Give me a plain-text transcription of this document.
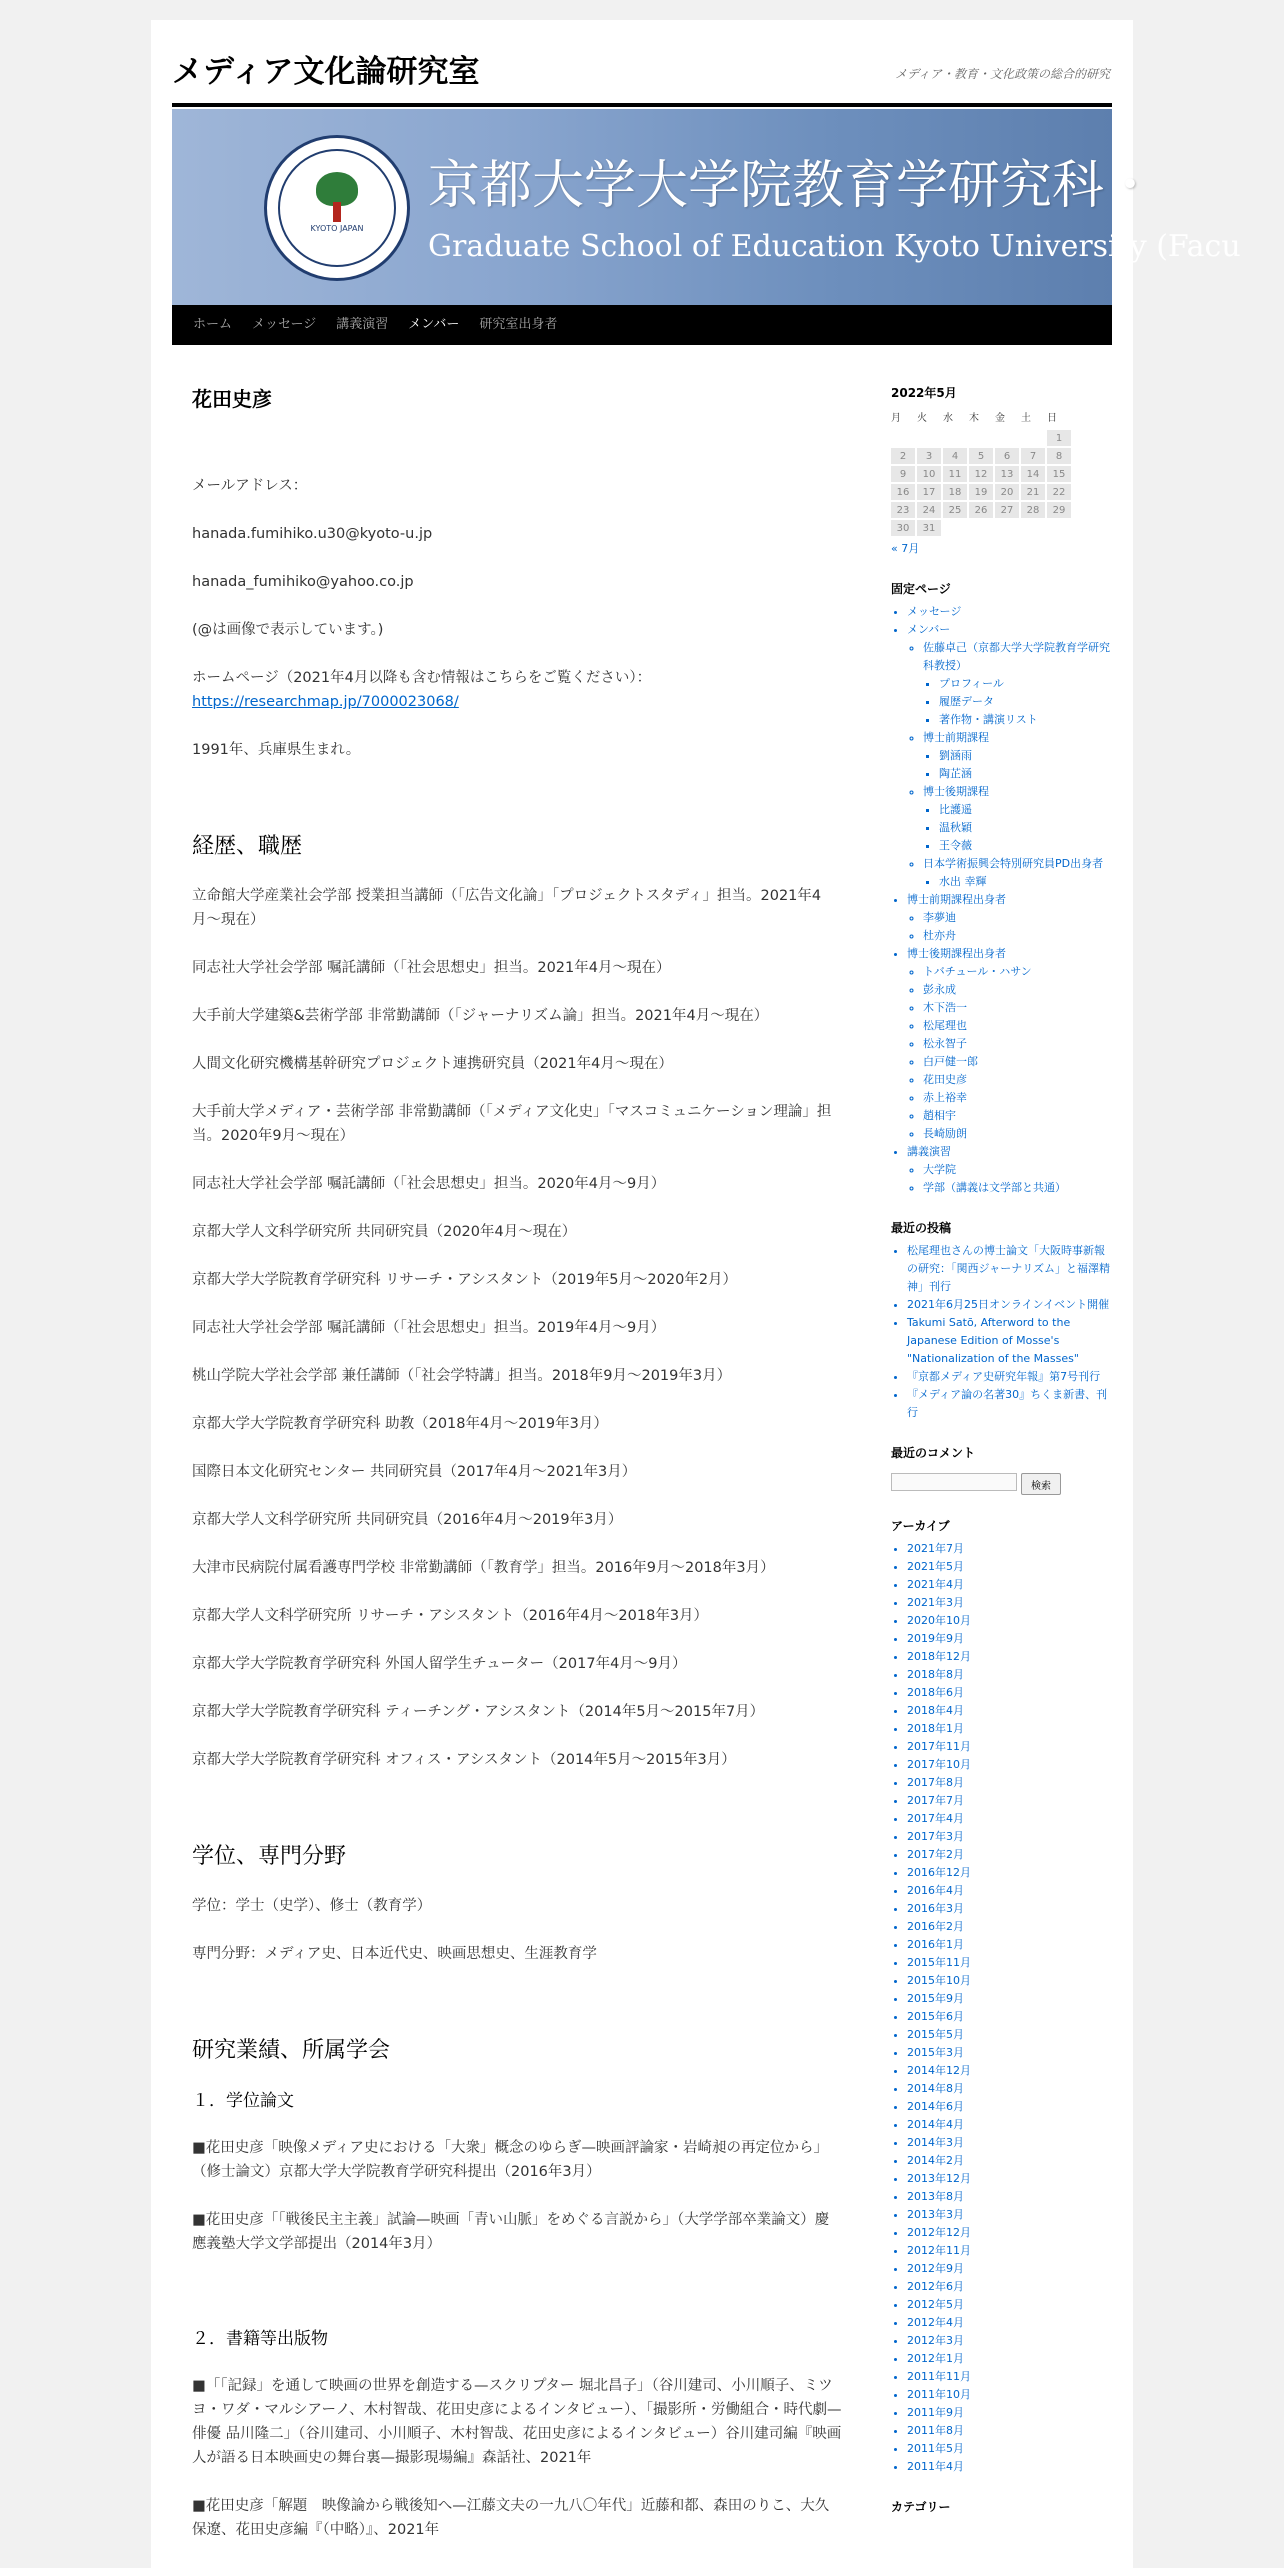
メディア文化論研究室	メディア・教育・文化政策の総合的研究

KYOTO JAPAN
京都大学大学院教育学研究科・
Graduate School of Education Kyoto University (Facu
ホーム	メッセージ	講義演習	メンバー	研究室出身者
花田史彦

メールアドレス：

hanada.fumihiko.u30@kyoto-u.jp

hanada_fumihiko@yahoo.co.jp

(@は画像で表示しています。)

ホームページ（2021年4月以降も含む情報はこちらをご覧ください）：
https://researchmap.jp/7000023068/

1991年、兵庫県生まれ。

経歴、職歴

立命館大学産業社会学部 授業担当講師（「広告文化論」「プロジェクトスタディ」担当。2021年4月〜現在）

同志社大学社会学部 嘱託講師（「社会思想史」担当。2021年4月〜現在）

大手前大学建築&芸術学部 非常勤講師（「ジャーナリズム論」担当。2021年4月〜現在）

人間文化研究機構基幹研究プロジェクト連携研究員（2021年4月〜現在）

大手前大学メディア・芸術学部 非常勤講師（「メディア文化史」「マスコミュニケーション理論」担当。2020年9月〜現在）

同志社大学社会学部 嘱託講師（「社会思想史」担当。2020年4月〜9月）

京都大学人文科学研究所 共同研究員（2020年4月〜現在）

京都大学大学院教育学研究科 リサーチ・アシスタント（2019年5月〜2020年2月）

同志社大学社会学部 嘱託講師（「社会思想史」担当。2019年4月〜9月）

桃山学院大学社会学部 兼任講師（「社会学特講」担当。2018年9月〜2019年3月）

京都大学大学院教育学研究科 助教（2018年4月〜2019年3月）

国際日本文化研究センター 共同研究員（2017年4月〜2021年3月）

京都大学人文科学研究所 共同研究員（2016年4月〜2019年3月）

大津市民病院付属看護専門学校 非常勤講師（「教育学」担当。2016年9月〜2018年3月）

京都大学人文科学研究所 リサーチ・アシスタント（2016年4月〜2018年3月）

京都大学大学院教育学研究科 外国人留学生チューター（2017年4月〜9月）

京都大学大学院教育学研究科 ティーチング・アシスタント（2014年5月〜2015年7月）

京都大学大学院教育学研究科 オフィス・アシスタント（2014年5月〜2015年3月）

学位、専門分野

学位：学士（史学）、修士（教育学）

専門分野：メディア史、日本近代史、映画思想史、生涯教育学

研究業績、所属学会
１．学位論文

■花田史彦「映像メディア史における「大衆」概念のゆらぎ—映画評論家・岩崎昶の再定位から」（修士論文）京都大学大学院教育学研究科提出（2016年3月）

■花田史彦「「戦後民主主義」試論—映画「青い山脈」をめぐる言説から」（大学学部卒業論文）慶應義塾大学文学部提出（2014年3月）

２．書籍等出版物

■「「記録」を通して映画の世界を創造する—スクリプター 堀北昌子」（谷川建司、小川順子、ミツヨ・ワダ・マルシアーノ、木村智哉、花田史彦によるインタビュー）、「撮影所・労働組合・時代劇—俳優 品川隆二」（谷川建司、小川順子、木村智哉、花田史彦によるインタビュー）谷川建司編『映画人が語る日本映画史の舞台裏—撮影現場編』森話社、2021年

■花田史彦「解題　映像論から戦後知へ—江藤文夫の一九八〇年代」近藤和都、森田のりこ、大久保遼、花田史彦編『（中略）』、2021年

2022年5月
月	火	水	木	金	土	日
						1
2	3	4	5	6	7	8
9	10	11	12	13	14	15
16	17	18	19	20	21	22
23	24	25	26	27	28	29
30	31					
« 7月
固定ページ
• メッセージ
• メンバー
◦ 佐藤卓己（京都大学大学院教育学研究科教授）
▪ プロフィール
▪ 履歴データ
▪ 著作物・講演リスト
◦ 博士前期課程
▪ 劉涵雨
▪ 陶芷涵
◦ 博士後期課程
▪ 比護遥
▪ 温秋穎
▪ 王令薇
◦ 日本学術振興会特別研究員PD出身者
▪ 水出 幸輝
• 博士前期課程出身者
◦ 李夢迪
◦ 杜亦舟
• 博士後期課程出身者
◦ トバチュール・ハサン
◦ 彭永成
◦ 木下浩一
◦ 松尾理也
◦ 松永智子
◦ 白戸健一郎
◦ 花田史彦
◦ 赤上裕幸
◦ 趙相宇
◦ 長崎励朗
• 講義演習
◦ 大学院
◦ 学部（講義は文学部と共通）
最近の投稿
• 松尾理也さんの博士論文「大阪時事新報の研究：「関西ジャーナリズム」と福澤精神」刊行
• 2021年6月25日オンラインイベント開催
• Takumi Satō, Afterword to the Japanese Edition of Mosse's "Nationalization of the Masses"
• 『京都メディア史研究年報』第7号刊行
• 『メディア論の名著30』ちくま新書、刊行
最近のコメント
検索
アーカイブ
• 2021年7月
• 2021年5月
• 2021年4月
• 2021年3月
• 2020年10月
• 2019年9月
• 2018年12月
• 2018年8月
• 2018年6月
• 2018年4月
• 2018年1月
• 2017年11月
• 2017年10月
• 2017年8月
• 2017年7月
• 2017年4月
• 2017年3月
• 2017年2月
• 2016年12月
• 2016年4月
• 2016年3月
• 2016年2月
• 2016年1月
• 2015年11月
• 2015年10月
• 2015年9月
• 2015年6月
• 2015年5月
• 2015年3月
• 2014年12月
• 2014年8月
• 2014年6月
• 2014年4月
• 2014年3月
• 2014年2月
• 2013年12月
• 2013年8月
• 2013年3月
• 2012年12月
• 2012年11月
• 2012年9月
• 2012年6月
• 2012年5月
• 2012年4月
• 2012年3月
• 2012年1月
• 2011年11月
• 2011年10月
• 2011年9月
• 2011年8月
• 2011年5月
• 2011年4月
カテゴリー
